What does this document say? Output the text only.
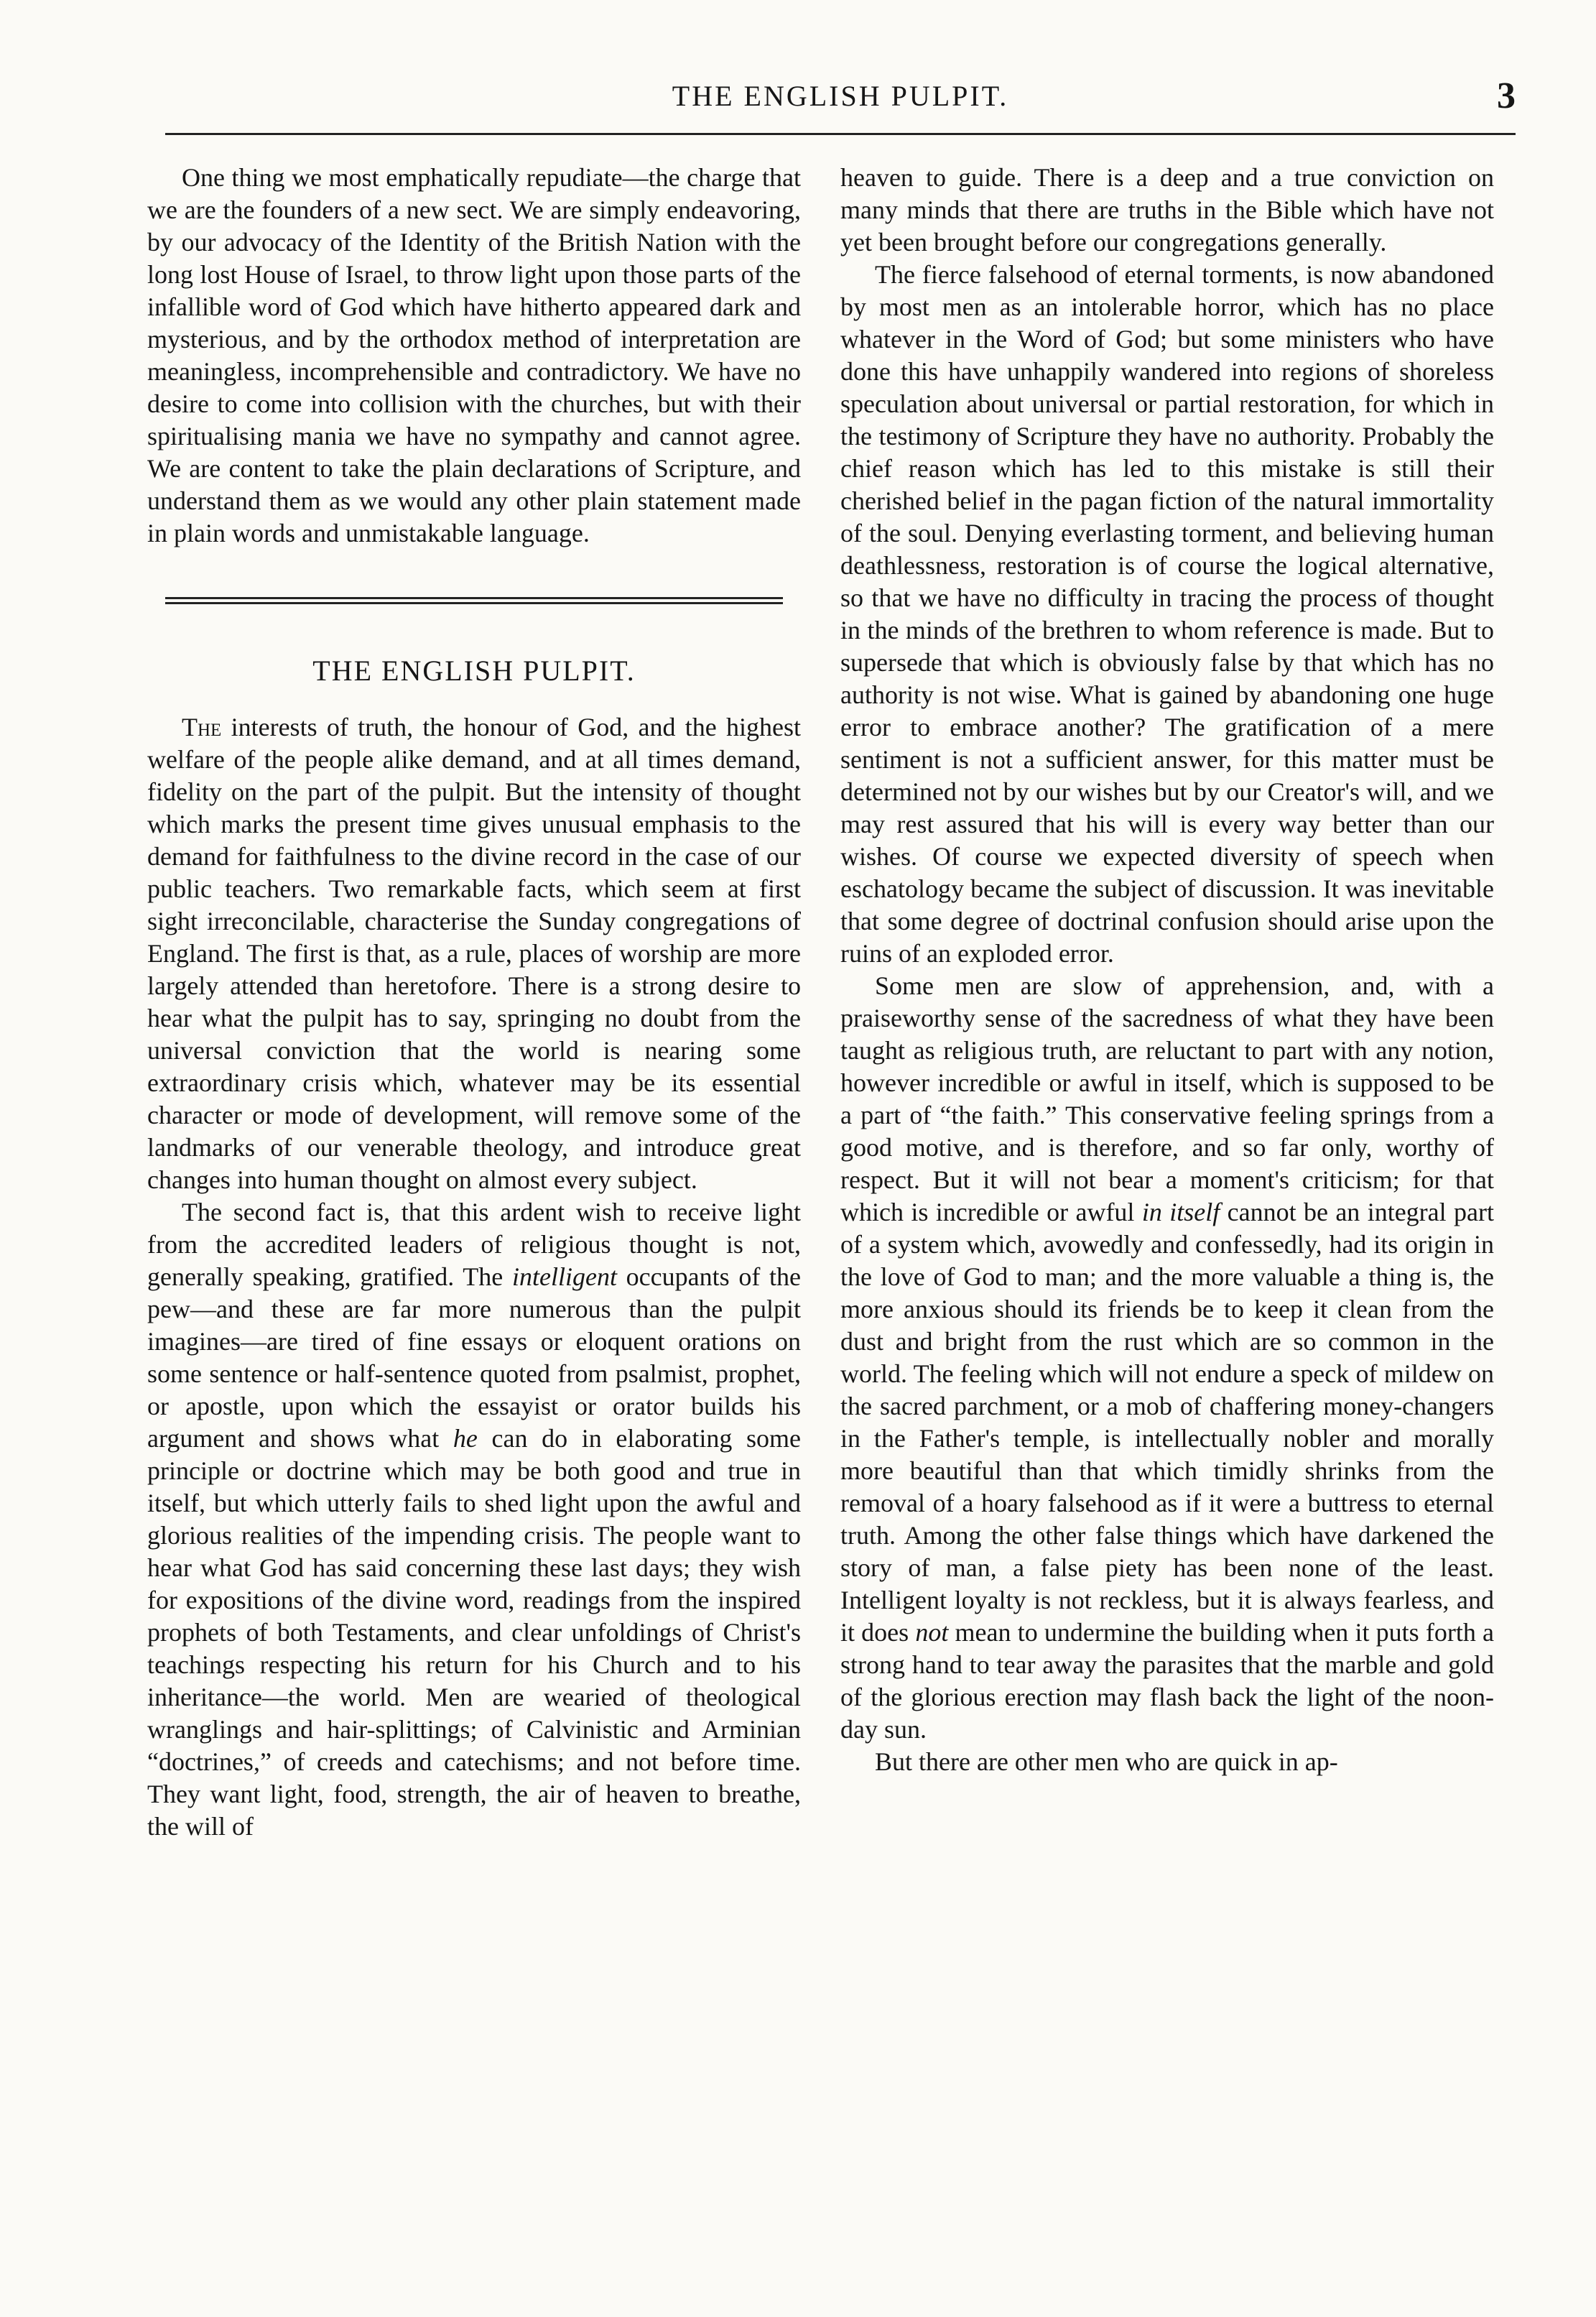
THE ENGLISH PULPIT.	3

One thing we most emphatically repudiate—the charge that we are the founders of a new sect. We are simply endeavoring, by our advocacy of the Identity of the British Nation with the long lost House of Israel, to throw light upon those parts of the infallible word of God which have hitherto appeared dark and mysterious, and by the orthodox method of interpretation are meaningless, incomprehensible and contradictory. We have no desire to come into collision with the churches, but with their spiritualising mania we have no sympathy and cannot agree. We are content to take the plain declarations of Scripture, and understand them as we would any other plain statement made in plain words and unmistakable language.

THE ENGLISH PULPIT.

The interests of truth, the honour of God, and the highest welfare of the people alike demand, and at all times demand, fidelity on the part of the pulpit. But the intensity of thought which marks the present time gives unusual emphasis to the demand for faithfulness to the divine record in the case of our public teachers. Two remarkable facts, which seem at first sight irreconcilable, characterise the Sunday congregations of England. The first is that, as a rule, places of worship are more largely attended than heretofore. There is a strong desire to hear what the pulpit has to say, springing no doubt from the universal conviction that the world is nearing some extraordinary crisis which, whatever may be its essential character or mode of development, will remove some of the landmarks of our venerable theology, and introduce great changes into human thought on almost every subject.

The second fact is, that this ardent wish to receive light from the accredited leaders of religious thought is not, generally speaking, gratified. The intelligent occupants of the pew—and these are far more numerous than the pulpit imagines—are tired of fine essays or eloquent orations on some sentence or half-sentence quoted from psalmist, prophet, or apostle, upon which the essayist or orator builds his argument and shows what he can do in elaborating some principle or doctrine which may be both good and true in itself, but which utterly fails to shed light upon the awful and glorious realities of the impending crisis. The people want to hear what God has said concerning these last days; they wish for expositions of the divine word, readings from the inspired prophets of both Testaments, and clear unfoldings of Christ's teachings respecting his return for his Church and to his inheritance—the world. Men are wearied of theological wranglings and hair-splittings; of Calvinistic and Arminian “doctrines,” of creeds and catechisms; and not before time. They want light, food, strength, the air of heaven to breathe, the will of

heaven to guide. There is a deep and a true conviction on many minds that there are truths in the Bible which have not yet been brought before our congregations generally.

The fierce falsehood of eternal torments, is now abandoned by most men as an intolerable horror, which has no place whatever in the Word of God; but some ministers who have done this have unhappily wandered into regions of shoreless speculation about universal or partial restoration, for which in the testimony of Scripture they have no authority. Probably the chief reason which has led to this mistake is still their cherished belief in the pagan fiction of the natural immortality of the soul. Denying everlasting torment, and believing human deathlessness, restoration is of course the logical alternative, so that we have no difficulty in tracing the process of thought in the minds of the brethren to whom reference is made. But to supersede that which is obviously false by that which has no authority is not wise. What is gained by abandoning one huge error to embrace another? The gratification of a mere sentiment is not a sufficient answer, for this matter must be determined not by our wishes but by our Creator's will, and we may rest assured that his will is every way better than our wishes. Of course we expected diversity of speech when eschatology became the subject of discussion. It was inevitable that some degree of doctrinal confusion should arise upon the ruins of an exploded error.

Some men are slow of apprehension, and, with a praiseworthy sense of the sacredness of what they have been taught as religious truth, are reluctant to part with any notion, however incredible or awful in itself, which is supposed to be a part of “the faith.” This conservative feeling springs from a good motive, and is therefore, and so far only, worthy of respect. But it will not bear a moment's criticism; for that which is incredible or awful in itself cannot be an integral part of a system which, avowedly and confessedly, had its origin in the love of God to man; and the more valuable a thing is, the more anxious should its friends be to keep it clean from the dust and bright from the rust which are so common in the world. The feeling which will not endure a speck of mildew on the sacred parchment, or a mob of chaffering money-changers in the Father's temple, is intellectually nobler and morally more beautiful than that which timidly shrinks from the removal of a hoary falsehood as if it were a buttress to eternal truth. Among the other false things which have darkened the story of man, a false piety has been none of the least. Intelligent loyalty is not reckless, but it is always fearless, and it does not mean to undermine the building when it puts forth a strong hand to tear away the parasites that the marble and gold of the glorious erection may flash back the light of the noon-day sun.

But there are other men who are quick in ap-
